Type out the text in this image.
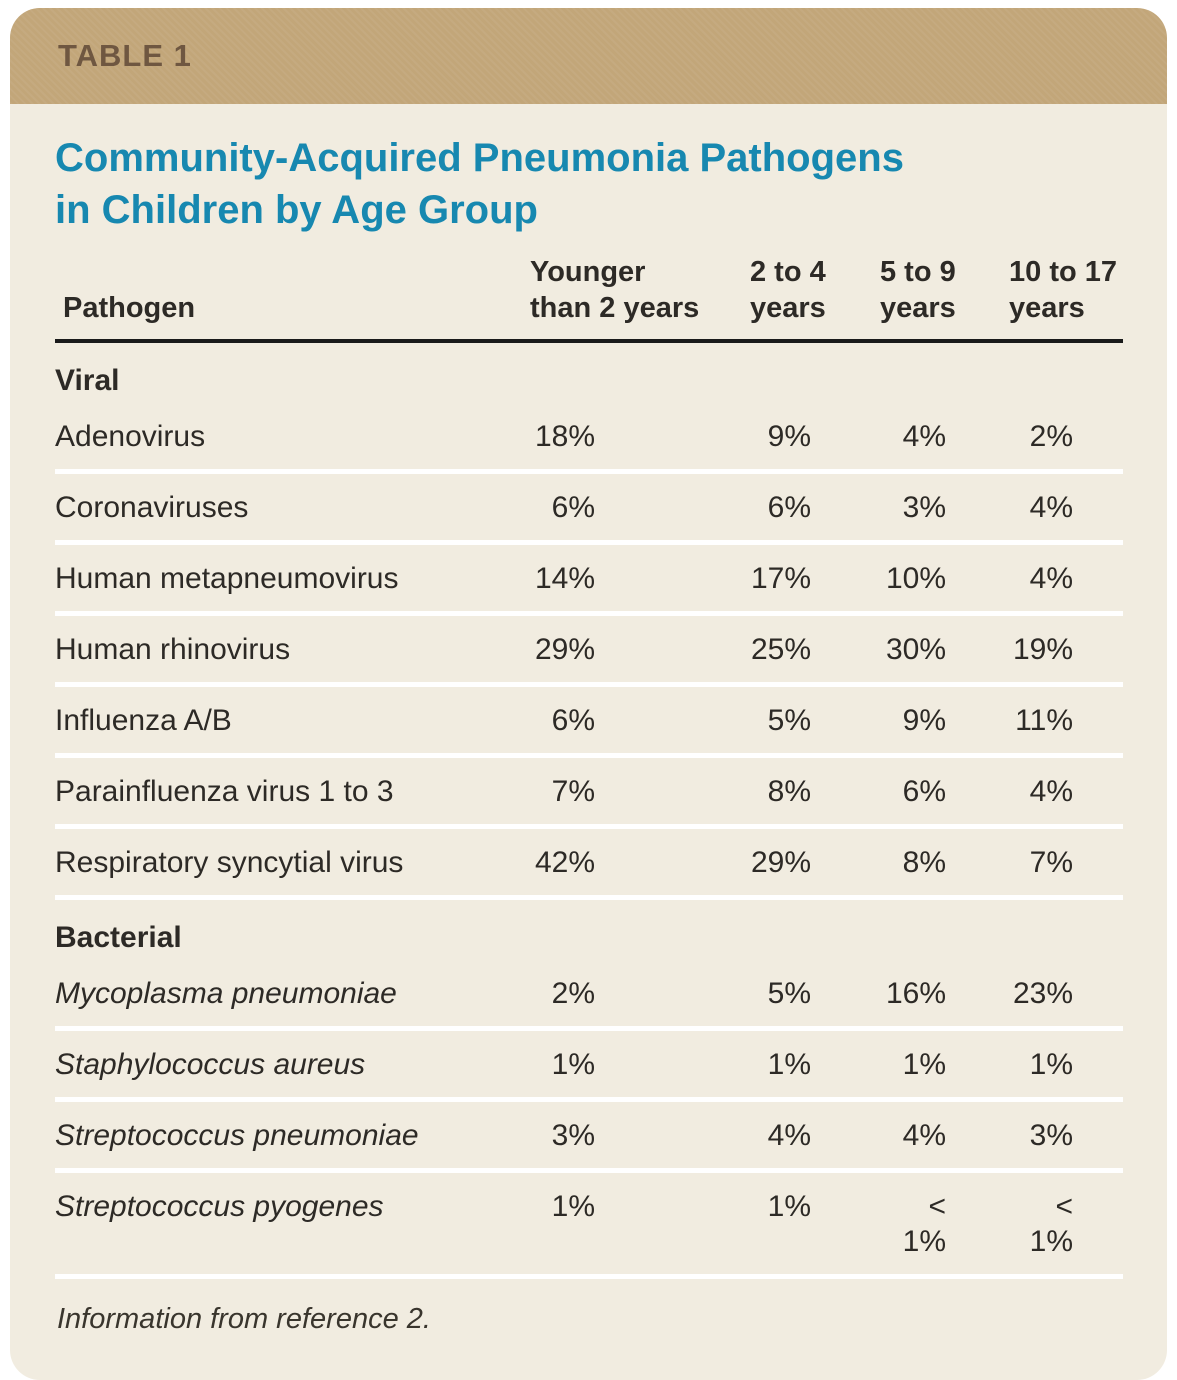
TABLE 1
Community-Acquired Pneumonia Pathogens
in Children by Age Group
Pathogen	Younger than 2 years	2 to 4 years	5 to 9 years	10 to 17 years
Viral				
Adenovirus	18%	9%	4%	2%
Coronaviruses	6%	6%	3%	4%
Human metapneumovirus	14%	17%	10%	4%
Human rhinovirus	29%	25%	30%	19%
Influenza A/B	6%	5%	9%	11%
Parainfluenza virus 1 to 3	7%	8%	6%	4%
Respiratory syncytial virus	42%	29%	8%	7%
Bacterial				
Mycoplasma pneumoniae	2%	5%	16%	23%
Staphylococcus aureus	1%	1%	1%	1%
Streptococcus pneumoniae	3%	4%	4%	3%
Streptococcus pyogenes	1%	1%	< 1%	< 1%
Information from reference 2.
